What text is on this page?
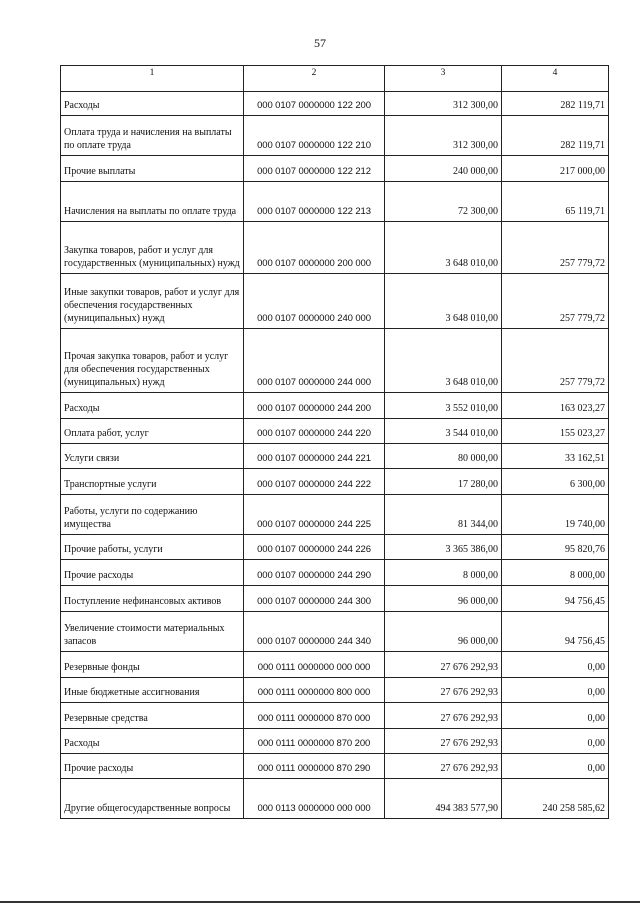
57
1	2	3	4
Расходы	000 0107 0000000 122 200	312 300,00	282 119,71
Оплата труда и начисления на выплаты по оплате труда	000 0107 0000000 122 210	312 300,00	282 119,71
Прочие выплаты	000 0107 0000000 122 212	240 000,00	217 000,00
Начисления на выплаты по оплате труда	000 0107 0000000 122 213	72 300,00	65 119,71
Закупка товаров, работ и услуг для государственных (муниципальных) нужд	000 0107 0000000 200 000	3 648 010,00	257 779,72
Иные закупки товаров, работ и услуг для обеспечения государственных (муниципальных) нужд	000 0107 0000000 240 000	3 648 010,00	257 779,72
Прочая закупка товаров, работ и услуг для обеспечения государственных (муниципальных) нужд	000 0107 0000000 244 000	3 648 010,00	257 779,72
Расходы	000 0107 0000000 244 200	3 552 010,00	163 023,27
Оплата работ, услуг	000 0107 0000000 244 220	3 544 010,00	155 023,27
Услуги связи	000 0107 0000000 244 221	80 000,00	33 162,51
Транспортные услуги	000 0107 0000000 244 222	17 280,00	6 300,00
Работы, услуги по содержанию имущества	000 0107 0000000 244 225	81 344,00	19 740,00
Прочие работы, услуги	000 0107 0000000 244 226	3 365 386,00	95 820,76
Прочие расходы	000 0107 0000000 244 290	8 000,00	8 000,00
Поступление нефинансовых активов	000 0107 0000000 244 300	96 000,00	94 756,45
Увеличение стоимости материальных запасов	000 0107 0000000 244 340	96 000,00	94 756,45
Резервные фонды	000 0111 0000000 000 000	27 676 292,93	0,00
Иные бюджетные ассигнования	000 0111 0000000 800 000	27 676 292,93	0,00
Резервные средства	000 0111 0000000 870 000	27 676 292,93	0,00
Расходы	000 0111 0000000 870 200	27 676 292,93	0,00
Прочие расходы	000 0111 0000000 870 290	27 676 292,93	0,00
Другие общегосударственные вопросы	000 0113 0000000 000 000	494 383 577,90	240 258 585,62
